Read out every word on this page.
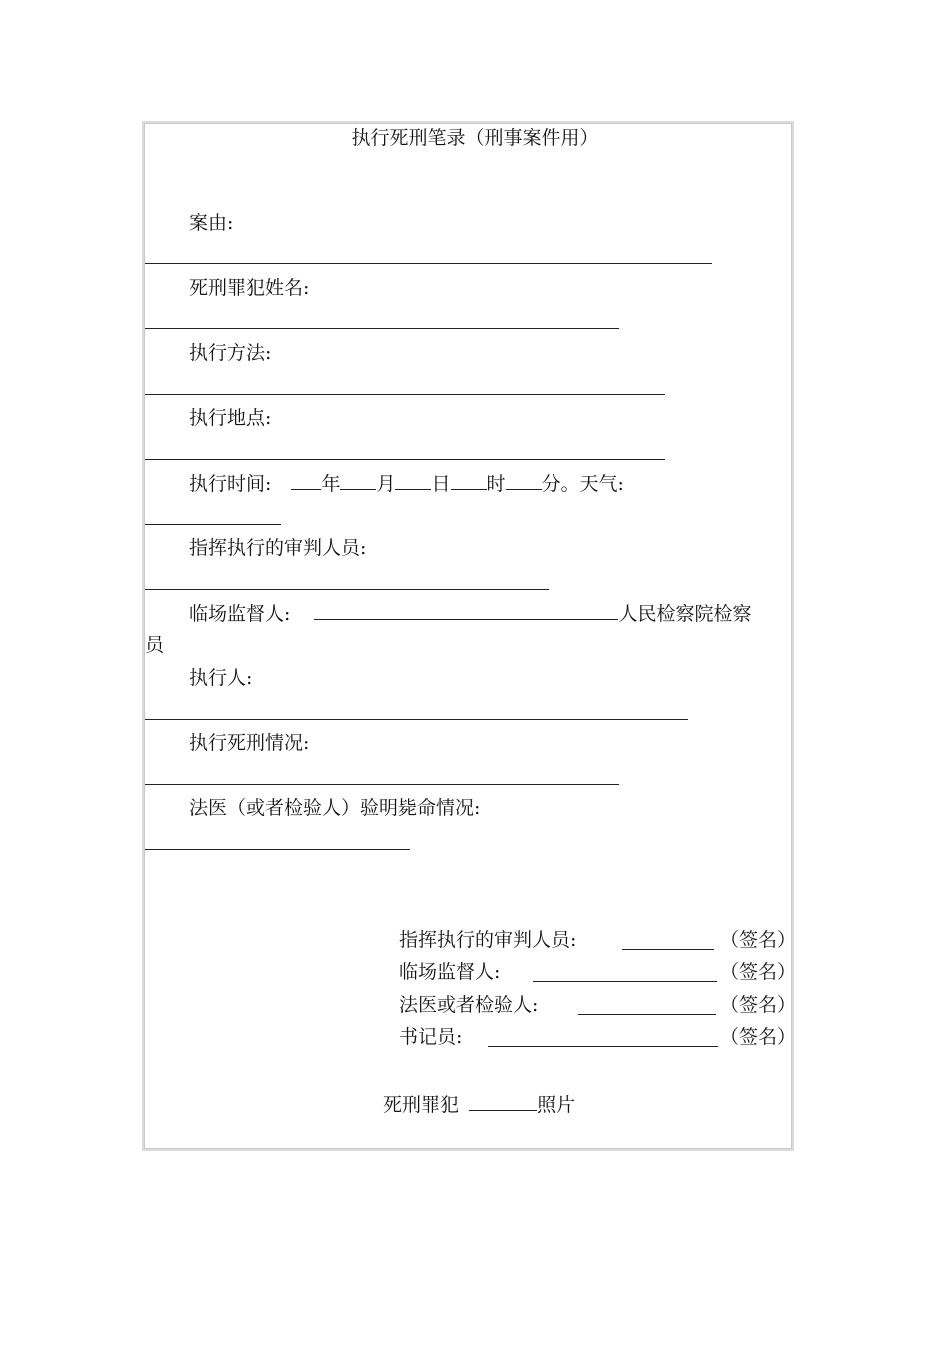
执行死刑笔录（刑事案件用）
案由:
死刑罪犯姓名:
执行方法:
执行地点:
执行时间:	年 月 日 时 分。天气:
指挥执行的审判人员:
临场监督人:	人民检察院检察
员
执行人:
执行死刑情况:
法医（或者检验人）验明毙命情况:
指挥执行的审判人员:	（签名）
临场监督人:	（签名）
法医或者检验人:	（签名）
书记员:	（签名）
死刑罪犯	照片
